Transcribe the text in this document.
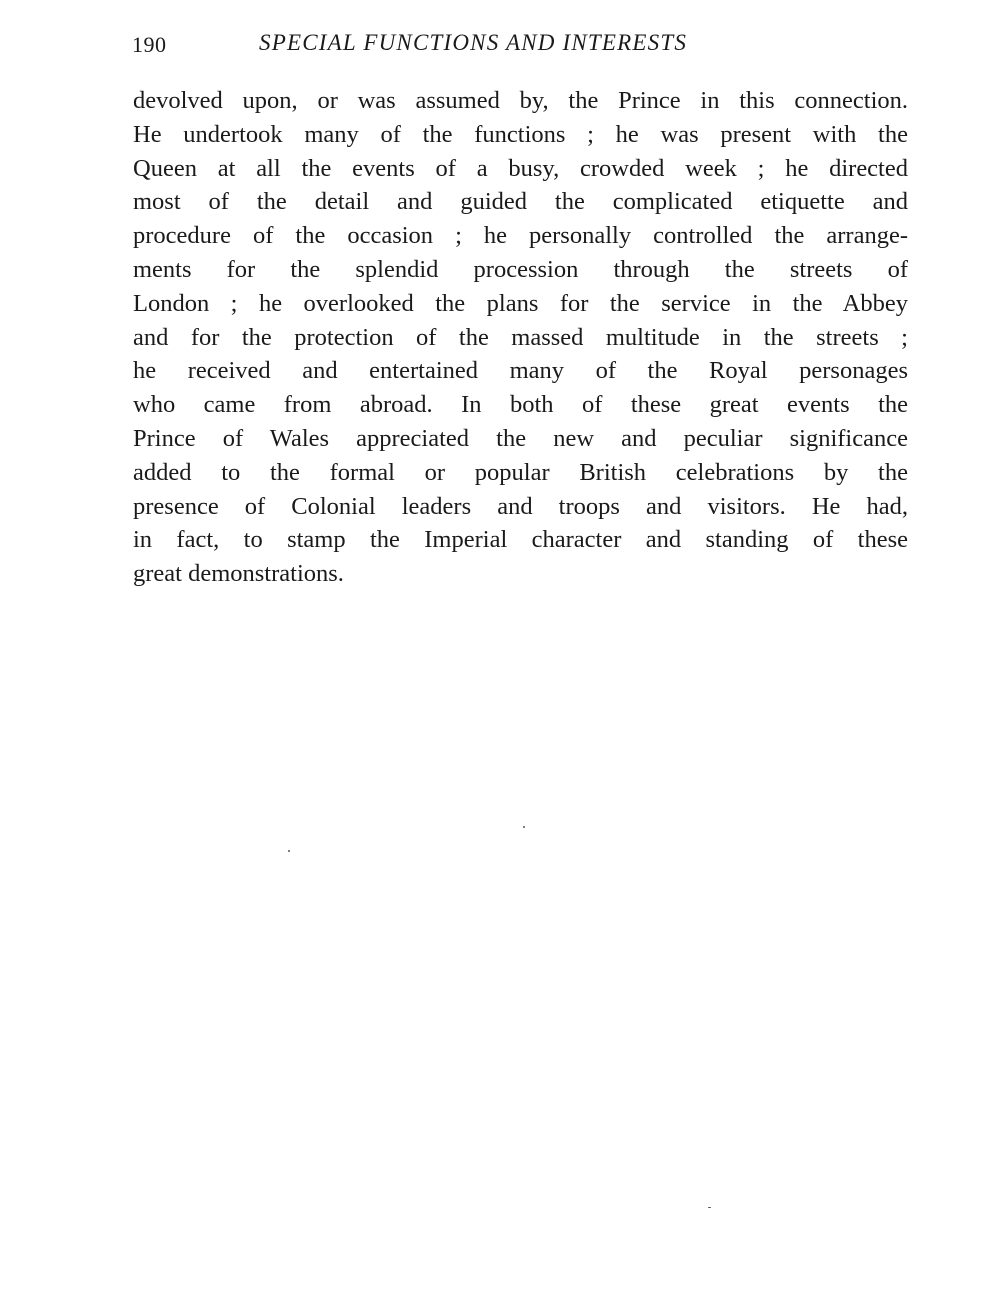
190	SPECIAL FUNCTIONS AND INTERESTS
devolved upon, or was assumed by, the Prince in this connection.
He undertook many of the functions ; he was present with the
Queen at all the events of a busy, crowded week ; he directed
most of the detail and guided the complicated etiquette and
procedure of the occasion ; he personally controlled the arrange-
ments for the splendid procession through the streets of
London ; he overlooked the plans for the service in the Abbey
and for the protection of the massed multitude in the streets ;
he received and entertained many of the Royal personages
who came from abroad. In both of these great events the
Prince of Wales appreciated the new and peculiar significance
added to the formal or popular British celebrations by the
presence of Colonial leaders and troops and visitors. He had,
in fact, to stamp the Imperial character and standing of these
great demonstrations.
